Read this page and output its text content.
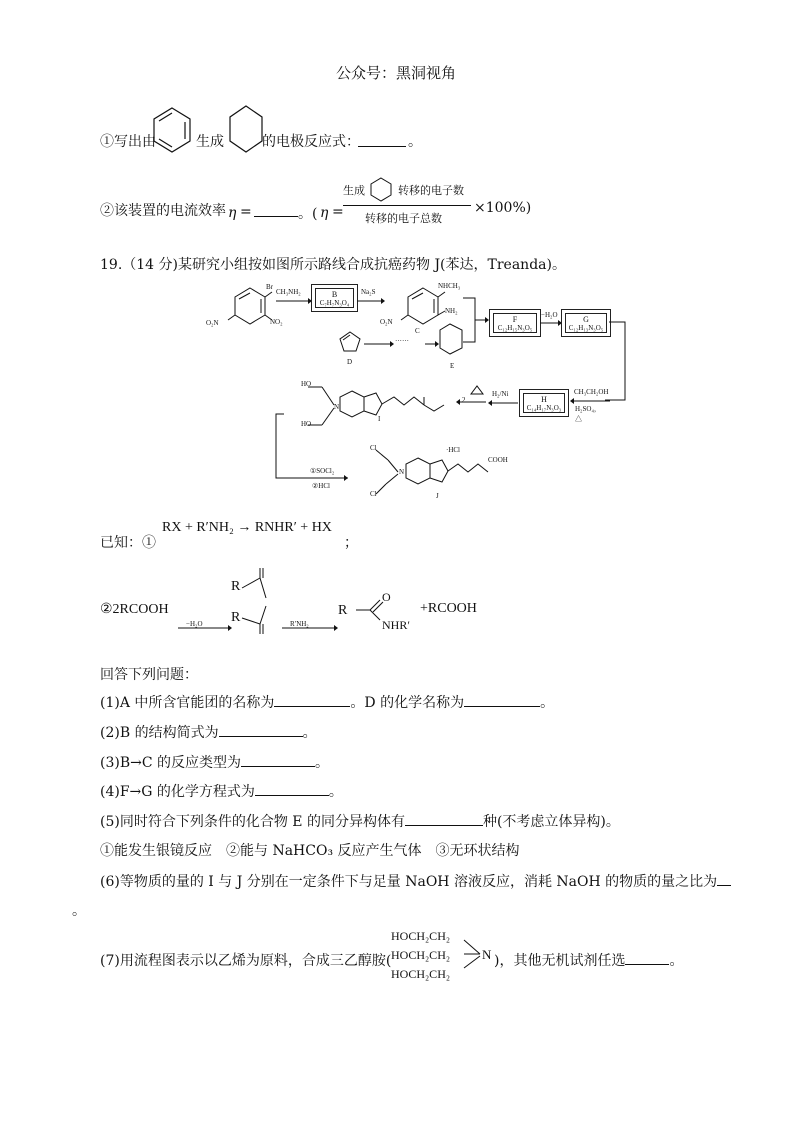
公众号：黑洞视角
①写出由	生成	的电极反应式：	。
②该装置的电流效率 η =	。( η =
生成	转移的电子数
转移的电子总数
×100%)
19.（14 分)某研究小组按如图所示路线合成抗癌药物 J(苯达，Treanda)。
Br
O₂N	NO₂
CH₃NH₂	B
C₇H₇N₃O₄
Na₂S
NHCH₃
O₂N
NH₂
C
D
······
E
F
C₁₂H₁₅N₃O₅
−H₂O	G
C₁₂H₁₃N₃O₅
CH₃CH₂OH
H₂SO₄，△
H
C₁₄H₁₇N₃O₃
H₂/Ni
2
HO
HO
N
I
①SOCl₂
②HCl
Cl
Cl
N
·HCl
COOH
J
已知：①
RX + R′NH₂ → RNHR′ + HX
；
②2RCOOH
−H₂O	R′NH₂
R
R	R
O
NHR′
+RCOOH
回答下列问题：
(1)A 中所含官能团的名称为	。D 的化学名称为	。
(2)B 的结构简式为	。
(3)B→C 的反应类型为	。
(4)F→G 的化学方程式为	。
(5)同时符合下列条件的化合物 E 的同分异构体有	种(不考虑立体异构)。
①能发生银镜反应　②能与 NaHCO₃ 反应产生气体　③无环状结构
(6)等物质的量的 I 与 J 分别在一定条件下与足量 NaOH 溶液反应，消耗 NaOH 的物质的量之比为
。
(7)用流程图表示以乙烯为原料，合成三乙醇胺(
HOCH₂CH₂
HOCH₂CH₂
HOCH₂CH₂
N )，其他无机试剂任选	。
